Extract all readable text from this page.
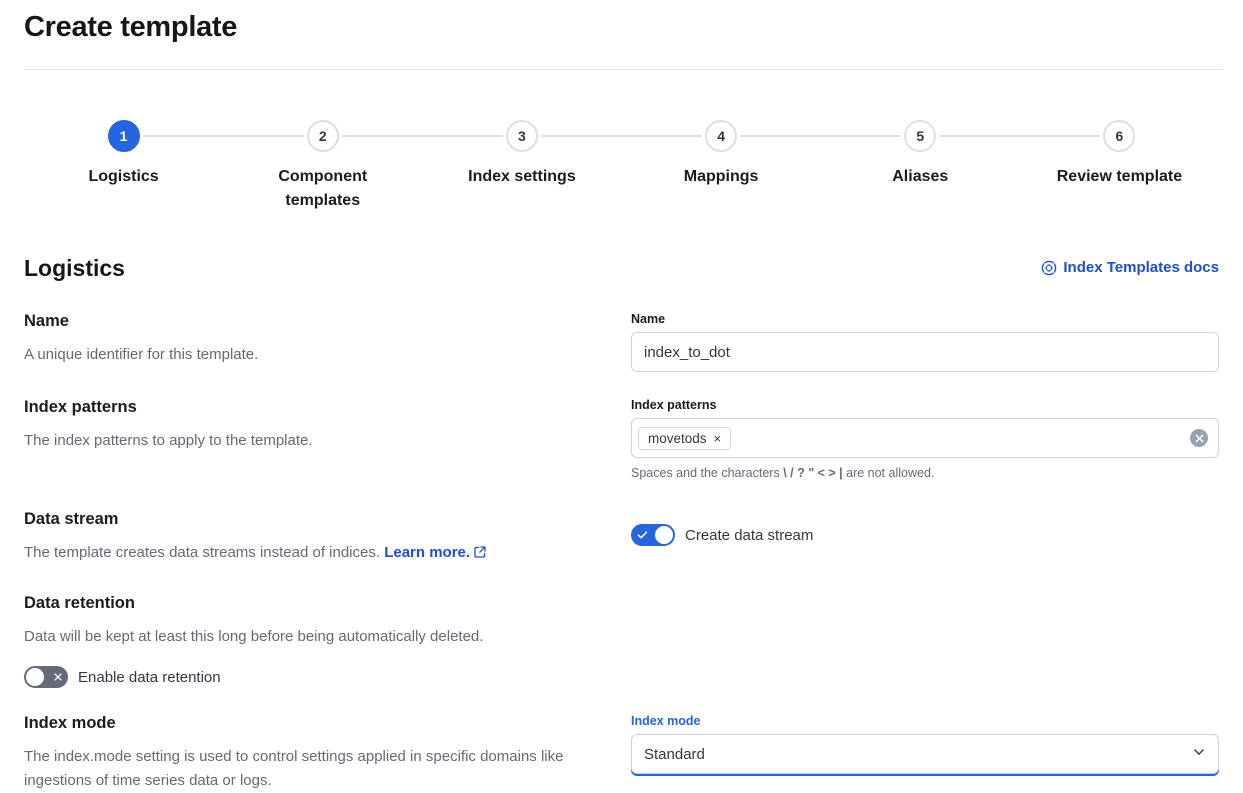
Create template
1
Logistics
2
Component templates
3
Index settings
4
Mappings
5
Aliases
6
Review template
Logistics	Index Templates docs
Name
A unique identifier for this template.
Name
index_to_dot
Index patterns
The index patterns to apply to the template.
Index patterns
movetods ×
Spaces and the characters \ / ? " < > | are not allowed.
Data stream
The template creates data streams instead of indices. Learn more.
Create data stream
Data retention
Data will be kept at least this long before being automatically deleted.
Enable data retention
Index mode
The index.mode setting is used to control settings applied in specific domains like ingestions of time series data or logs.
Index mode
Standard
